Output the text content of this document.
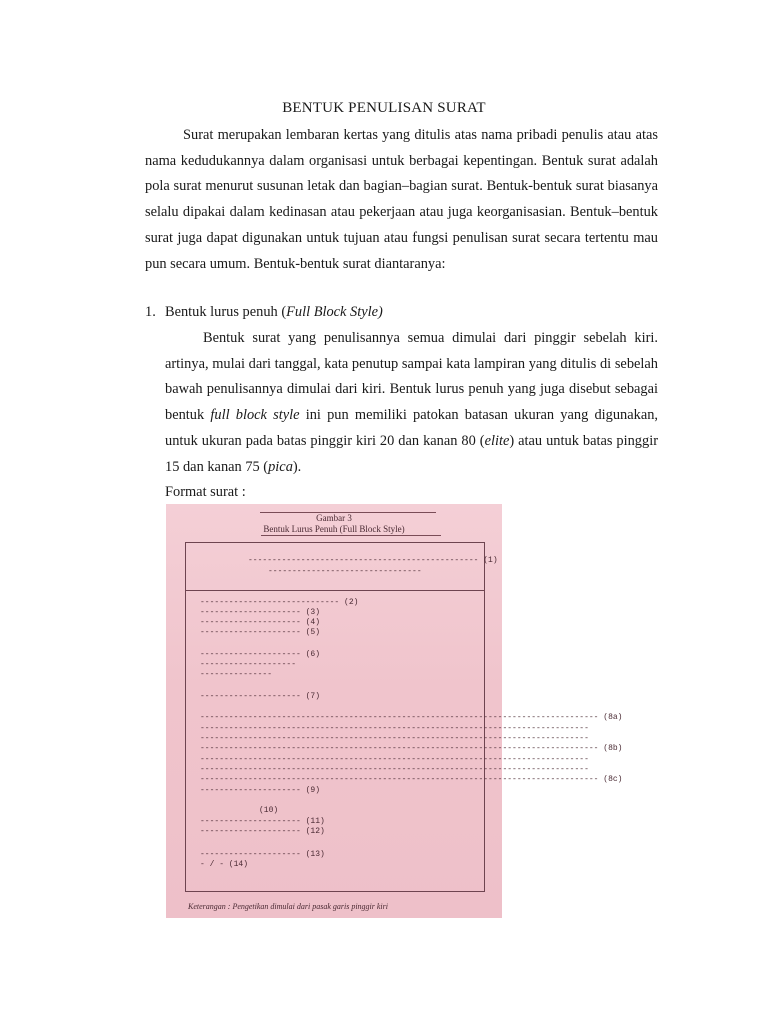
BENTUK PENULISAN SURAT
Surat merupakan lembaran kertas yang ditulis atas nama pribadi penulis atau atas nama kedudukannya dalam organisasi untuk berbagai kepentingan. Bentuk surat adalah pola surat menurut susunan letak dan bagian–bagian surat. Bentuk-bentuk surat biasanya selalu dipakai dalam kedinasan atau pekerjaan atau juga keorganisasian. Bentuk–bentuk surat juga dapat digunakan untuk tujuan atau fungsi penulisan surat secara tertentu mau pun secara umum. Bentuk-bentuk surat diantaranya:
1. Bentuk lurus penuh (Full Block Style)
Bentuk surat yang penulisannya semua dimulai dari pinggir sebelah kiri. artinya, mulai dari tanggal, kata penutup sampai kata lampiran yang ditulis di sebelah bawah penulisannya dimulai dari kiri. Bentuk lurus penuh yang juga disebut sebagai bentuk full block style ini pun memiliki patokan batasan ukuran yang digunakan, untuk ukuran pada batas pinggir kiri 20 dan kanan 80 (elite) atau untuk batas pinggir 15 dan kanan 75 (pica).
Format surat :
Gambar 3
Bentuk Lurus Penuh (Full Block Style)
------------------------------------------------ (1)
--------------------------------
----------------------------- (2)
--------------------- (3)
--------------------- (4)
--------------------- (5)
--------------------- (6)
--------------------
---------------
--------------------- (7)
----------------------------------------------------------------------------------- (8a)
---------------------------------------------------------------------------------
---------------------------------------------------------------------------------
----------------------------------------------------------------------------------- (8b)
---------------------------------------------------------------------------------
---------------------------------------------------------------------------------
----------------------------------------------------------------------------------- (8c)
--------------------- (9)
(10)
--------------------- (11)
--------------------- (12)
--------------------- (13)
- / - (14)
Keterangan : Pengetikan dimulai dari pasak garis pinggir kiri
